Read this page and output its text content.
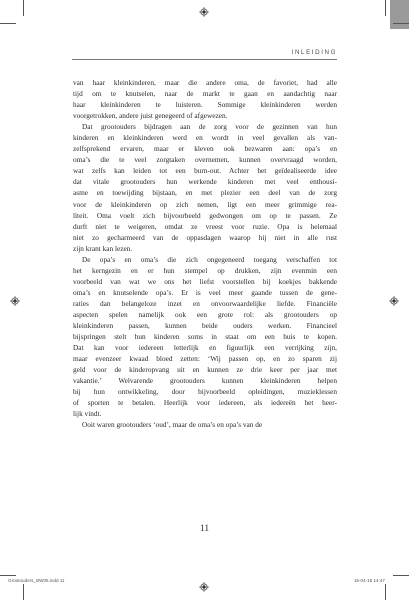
INLEIDING
van haar kleinkinderen, maar die andere oma, de favoriet, had alle
tijd om te knutselen, naar de markt te gaan en aandachtig naar
haar kleinkinderen te luisteren. Sommige kleinkinderen werden
voorgetrokken, andere juist genegeerd of afgewezen.
Dat grootouders bijdragen aan de zorg voor de gezinnen van hun
kinderen en kleinkinderen werd en wordt in veel gevallen als van-
zelfsprekend ervaren, maar er kleven ook bezwaren aan: opa’s en
oma’s die te veel zorgtaken overnemen, kunnen overvraagd worden,
wat zelfs kan leiden tot een burn-out. Achter het geïdealiseerde idee
dat vitale grootouders hun werkende kinderen met veel enthousi-
asme en toewijding bijstaan, en met plezier een deel van de zorg
voor de kleinkinderen op zich nemen, ligt een meer grimmige rea-
liteit. Oma voelt zich bijvoorbeeld gedwongen om op te passen. Ze
durft niet te weigeren, omdat ze vreest voor ruzie. Opa is helemaal
niet zo gecharmeerd van de oppasdagen waarop hij niet in alle rust
zijn krant kan lezen.
De opa’s en oma’s die zich ongegeneerd toegang verschaffen tot
het kerngezin en er hun stempel op drukken, zijn evenmin een
voorbeeld van wat we ons het liefst voorstellen bij koekjes bakkende
oma’s en knutselende opa’s. Er is veel meer gaande tussen de gene-
raties dan belangeloze inzet en onvoorwaardelijke liefde. Financiële
aspecten spelen namelijk ook een grote rol: als grootouders op
kleinkinderen passen, kunnen beide ouders werken. Financieel
bijspringen stelt hun kinderen soms in staat om een huis te kopen.
Dat kan voor iedereen letterlijk en figuurlijk een verrijking zijn,
maar evenzeer kwaad bloed zetten: ‘Wij passen op, en zo sparen zij
geld voor de kinderopvang uit en kunnen ze drie keer per jaar met
vakantie.’ Welvarende grootouders kunnen kleinkinderen helpen
bij hun ontwikkeling, door bijvoorbeeld opleidingen, muzieklessen
of sporten te betalen. Heerlijk voor iedereen, als iedereën het heer-
lijk vindt.
Ooit waren grootouders ‘oud’, maar de oma’s en opa’s van de
11
Grootouders_BW06.indd 11	15-04-15 14:47
